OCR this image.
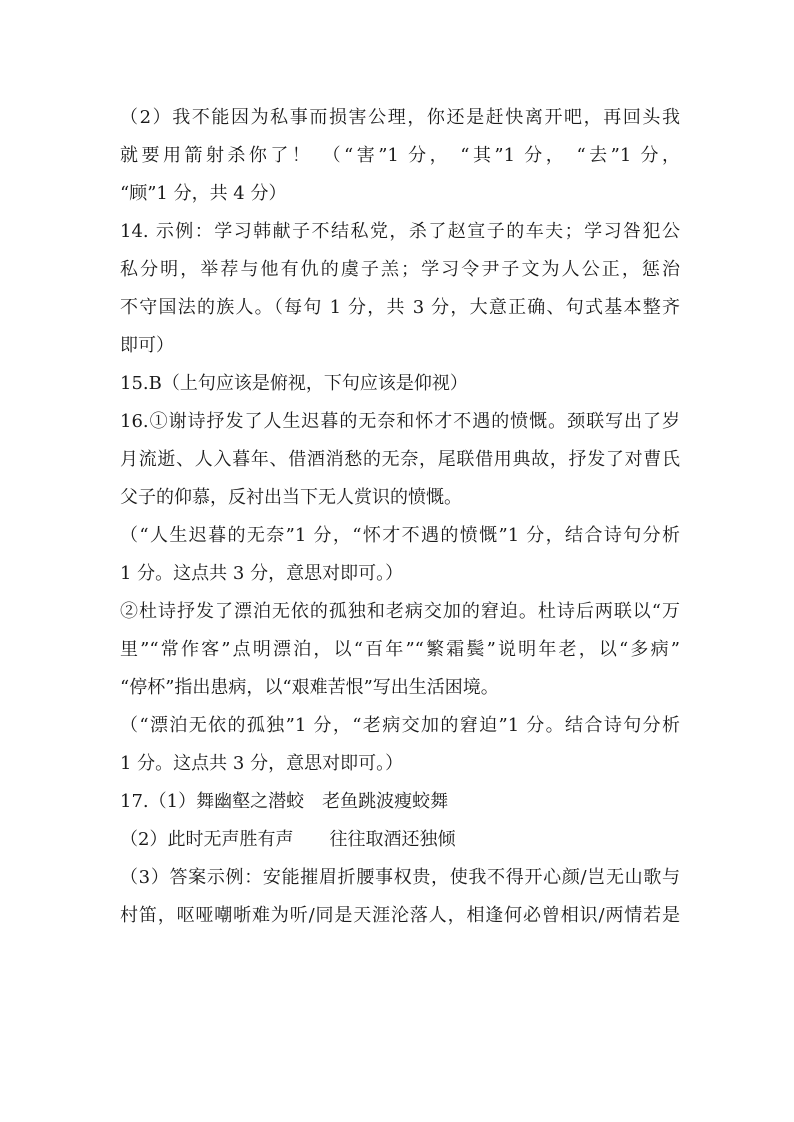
（2）我不能因为私事而损害公理，你还是赶快离开吧，再回头我
就要用箭射杀你了！ （“害”1 分， “其”1 分， “去”1 分，
“顾”1 分，共 4 分）
14. 示例：学习韩献子不结私党，杀了赵宣子的车夫；学习咎犯公
私分明，举荐与他有仇的虞子羔；学习令尹子文为人公正，惩治
不守国法的族人。（每句 1 分，共 3 分，大意正确、句式基本整齐
即可）
15.B（上句应该是俯视，下句应该是仰视）
16.①谢诗抒发了人生迟暮的无奈和怀才不遇的愤慨。颈联写出了岁
月流逝、人入暮年、借酒消愁的无奈，尾联借用典故，抒发了对曹氏
父子的仰慕，反衬出当下无人赏识的愤慨。
（“人生迟暮的无奈”1 分，“怀才不遇的愤慨”1 分，结合诗句分析
1 分。这点共 3 分，意思对即可。）
②杜诗抒发了漂泊无依的孤独和老病交加的窘迫。杜诗后两联以“万
里”“常作客”点明漂泊，以“百年”“繁霜鬓”说明年老，以“多病”
“停杯”指出患病，以“艰难苦恨”写出生活困境。
（“漂泊无依的孤独”1 分，“老病交加的窘迫”1 分。结合诗句分析
1 分。这点共 3 分，意思对即可。）
17.（1）舞幽壑之潜蛟　老鱼跳波瘦蛟舞
（2）此时无声胜有声　　往往取酒还独倾
（3）答案示例：安能摧眉折腰事权贵，使我不得开心颜/岂无山歌与
村笛，呕哑嘲哳难为听/同是天涯沦落人，相逢何必曾相识/两情若是
